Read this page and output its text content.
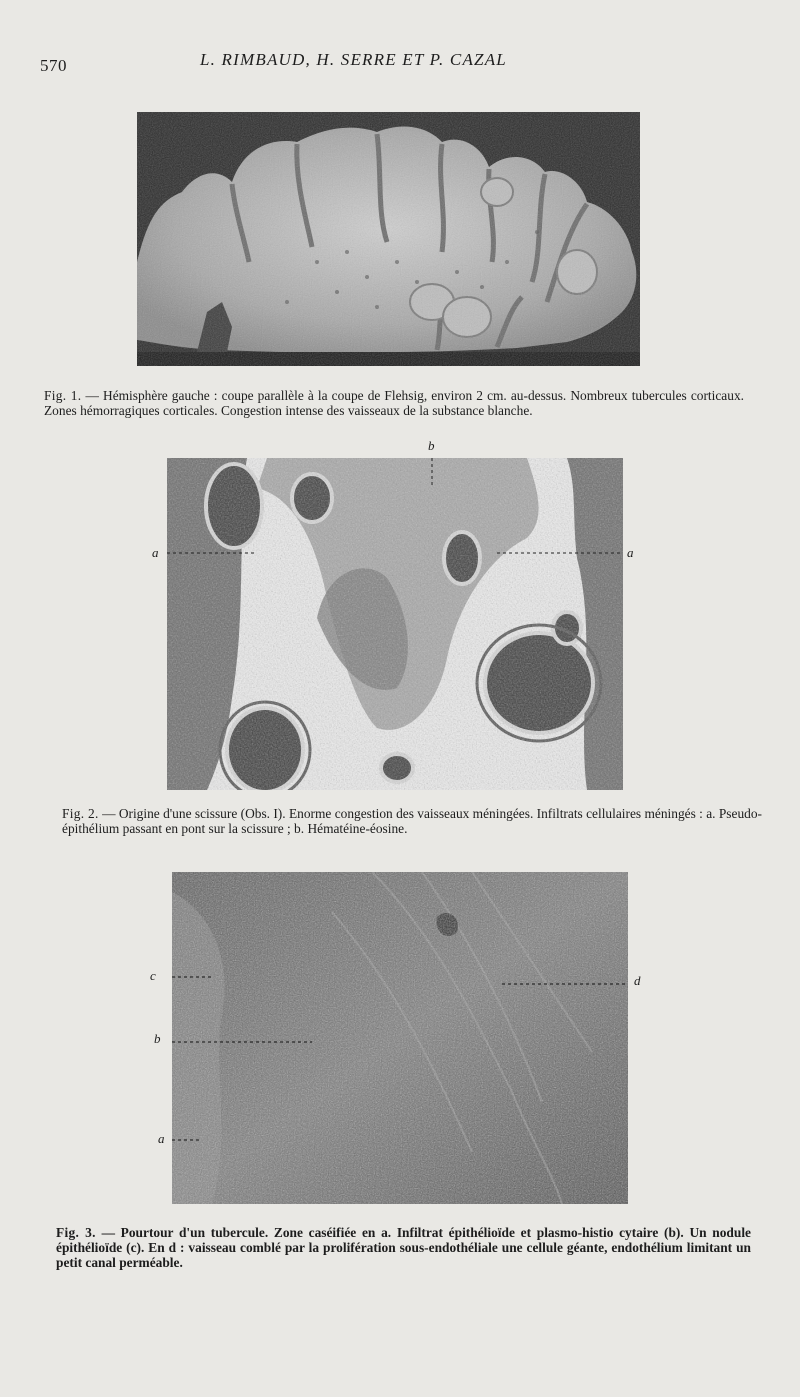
570	L. RIMBAUD, H. SERRE ET P. CAZAL
Fig. 1. — Hémisphère gauche : coupe parallèle à la coupe de Flehsig, environ 2 cm. au-dessus. Nombreux tubercules corticaux. Zones hémorragiques corticales. Congestion intense des vaisseaux de la substance blanche.
b
a	a
Fig. 2. — Origine d'une scissure (Obs. I). Enorme congestion des vaisseaux méningées. Infiltrats cellulaires méningés : a. Pseudo-épithélium passant en pont sur la scissure ; b. Hématéine-éosine.
c	d
b
a
Fig. 3. — Pourtour d'un tubercule. Zone caséifiée en a. Infiltrat épithélioïde et plasmo-histio cytaire (b). Un nodule épithélioïde (c). En d : vaisseau comblé par la prolifération sous-endothéliale une cellule géante, endothélium limitant un petit canal perméable.
